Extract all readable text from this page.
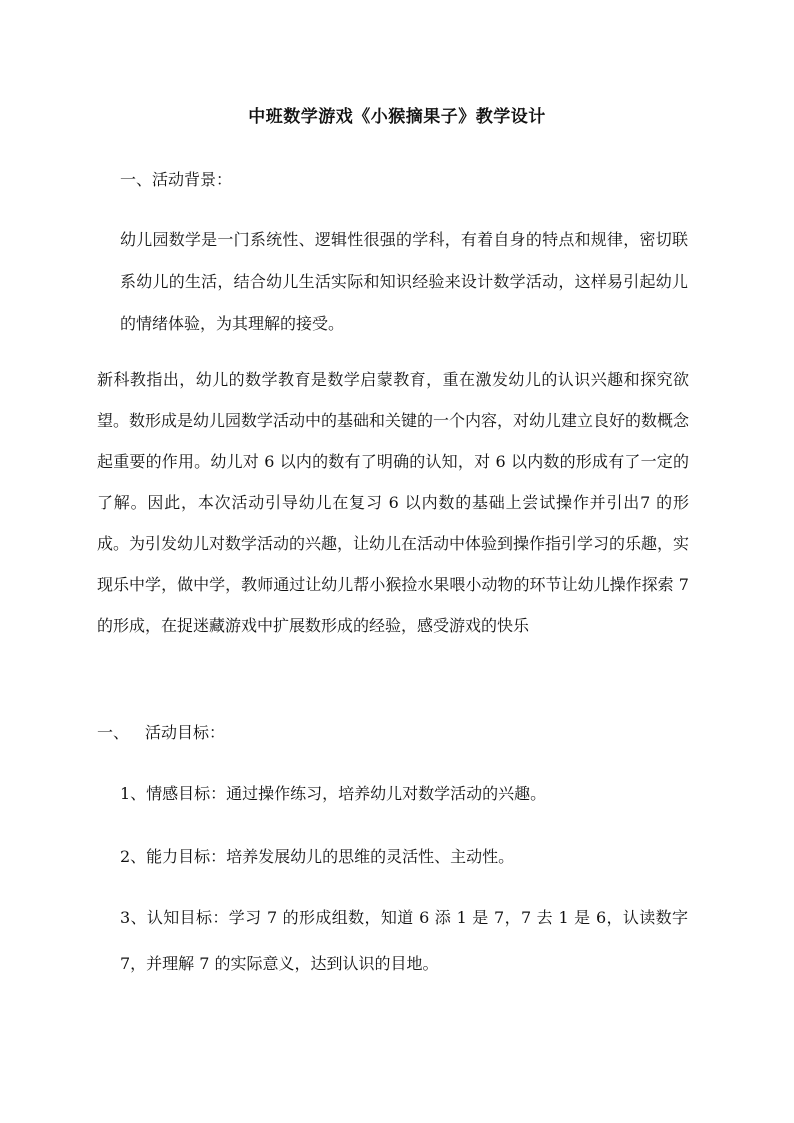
中班数学游戏《小猴摘果子》教学设计

一、活动背景：

幼儿园数学是一门系统性、逻辑性很强的学科，有着自身的特点和规律，密切联系幼儿的生活，结合幼儿生活实际和知识经验来设计数学活动，这样易引起幼儿的情绪体验，为其理解的接受。

新科教指出，幼儿的数学教育是数学启蒙教育，重在激发幼儿的认识兴趣和探究欲望。数形成是幼儿园数学活动中的基础和关键的一个内容，对幼儿建立良好的数概念起重要的作用。幼儿对 6 以内的数有了明确的认知，对 6 以内数的形成有了一定的了解。因此，本次活动引导幼儿在复习 6 以内数的基础上尝试操作并引出7 的形成。为引发幼儿对数学活动的兴趣，让幼儿在活动中体验到操作指引学习的乐趣，实现乐中学，做中学，教师通过让幼儿帮小猴捡水果喂小动物的环节让幼儿操作探索 7 的形成，在捉迷藏游戏中扩展数形成的经验，感受游戏的快乐

一、 活动目标：

1、情感目标：通过操作练习，培养幼儿对数学活动的兴趣。

2、能力目标：培养发展幼儿的思维的灵活性、主动性。

3、认知目标：学习 7 的形成组数，知道 6 添 1 是 7，7 去 1 是 6，认读数字 7，并理解 7 的实际意义，达到认识的目地。
